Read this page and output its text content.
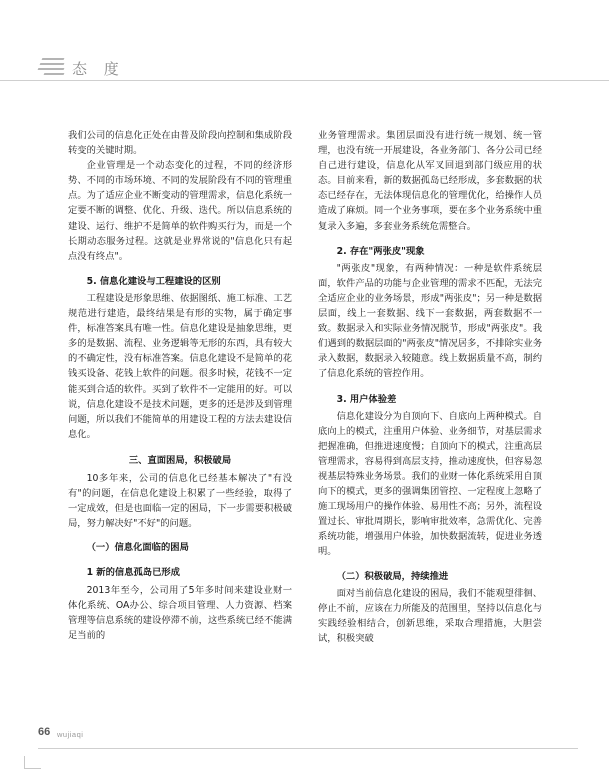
态 度

我们公司的信息化正处在由普及阶段向控制和集成阶段转变的关键时期。

企业管理是一个动态变化的过程，不同的经济形势、不同的市场环境、不同的发展阶段有不同的管理重点。为了适应企业不断变动的管理需求，信息化系统一定要不断的调整、优化、升级、迭代。所以信息系统的建设、运行、维护不是简单的软件购买行为，而是一个长期动态服务过程。这就是业界常说的"信息化只有起点没有终点"。

5. 信息化建设与工程建设的区别

工程建设是形象思维、依据图纸、施工标准、工艺规范进行建造，最终结果是有形的实物，属于确定事件，标准答案具有唯一性。信息化建设是抽象思维，更多的是数据、流程、业务逻辑等无形的东西，具有较大的不确定性，没有标准答案。信息化建设不是简单的花钱买设备、花钱上软件的问题。很多时候，花钱不一定能买到合适的软件。买到了软件不一定能用的好。可以说，信息化建设不是技术问题，更多的还是涉及到管理问题，所以我们不能简单的用建设工程的方法去建设信息化。

三、直面困局，积极破局

10多年来，公司的信息化已经基本解决了"有没有"的问题，在信息化建设上积累了一些经验，取得了一定成效，但是也面临一定的困局，下一步需要积极破局，努力解决好"不好"的问题。

（一）信息化面临的困局

1 新的信息孤岛已形成

2013年至今，公司用了5年多时间来建设业财一体化系统、OA办公、综合项目管理、人力资源、档案管理等信息系统的建设停滞不前，这些系统已经不能满足当前的

业务管理需求。集团层面没有进行统一规划、统一管理，也没有统一开展建设，各业务部门、各分公司已经自己进行建设，信息化从军叉回退到部门级应用的状态。目前来看，新的数据孤岛已经形成，多套数据的状态已经存在，无法体现信息化的管理优化，给操作人员造成了麻烦。同一个业务事项，要在多个业务系统中重复录入多遍，多套业务系统危需整合。

2. 存在"两张皮"现象

"两张皮"现象，有两种情况：一种是软件系统层面，软件产品的功能与企业管理的需求不匹配，无法完全适应企业的业务场景，形成"两张皮"；另一种是数据层面，线上一套数据、线下一套数据，两套数据不一致。数据录入和实际业务情况脱节，形成"两张皮"。我们遇到的数据层面的"两张皮"情况居多，不排除实业务录入数据，数据录入较随意。线上数据质量不高，制约了信息化系统的管控作用。

3. 用户体验差

信息化建设分为自顶向下、自底向上两种模式。自底向上的模式，注重用户体验、业务细节，对基层需求把握准确，但推进速度慢；自顶向下的模式，注重高层管理需求，容易得到高层支持，推动速度快，但容易忽视基层特殊业务场景。我们的业财一体化系统采用自顶向下的模式，更多的强调集团管控、一定程度上忽略了施工现场用户的操作体验、易用性不高；另外，流程设置过长、审批周期长，影响审批效率，急需优化、完善系统功能，增强用户体验，加快数据流转，促进业务透明。

（二）积极破局，持续推进

面对当前信息化建设的困局，我们不能观望徘徊、停止不前，应该在力所能及的范围里，坚持以信息化与实践经验相结合，创新思维，采取合理措施，大胆尝试，积极突破

66 wujiaqi
